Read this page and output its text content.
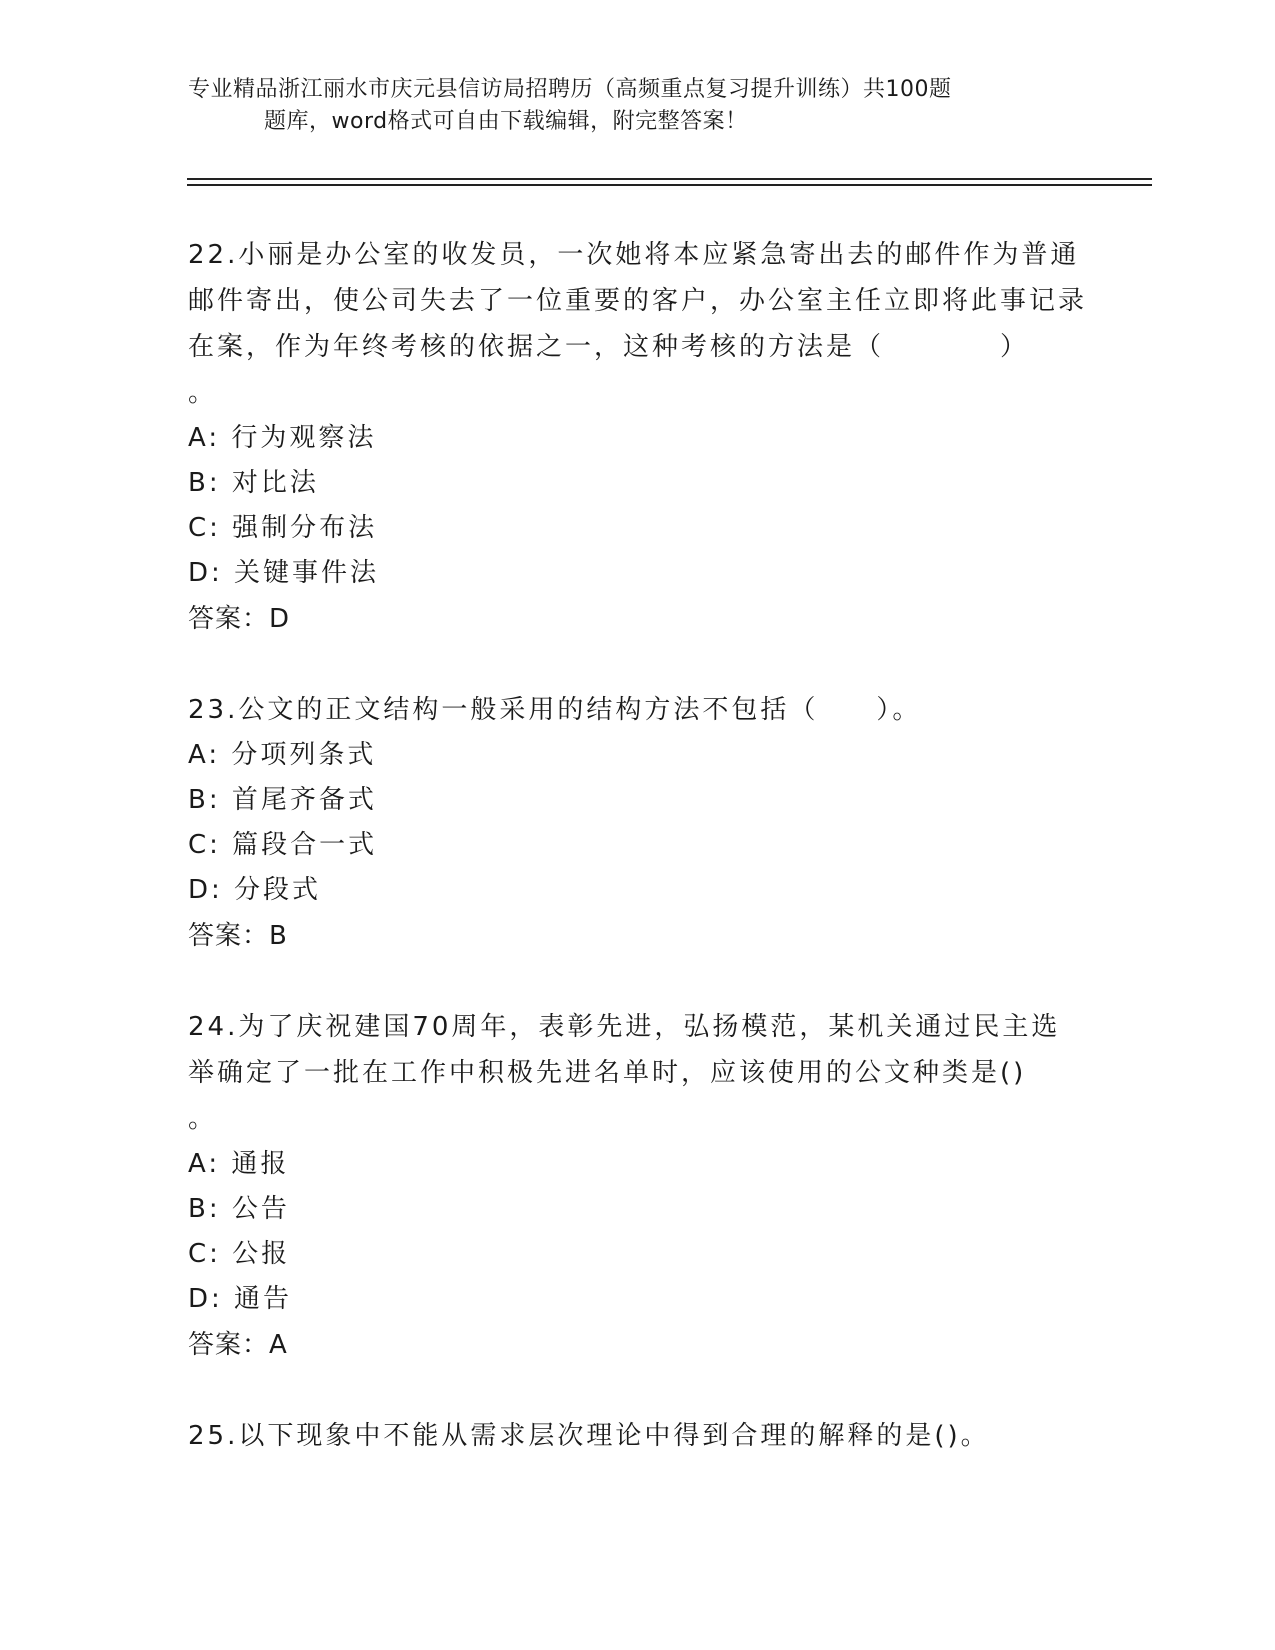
专业精品浙江丽水市庆元县信访局招聘历（高频重点复习提升训练）共100题
题库，word格式可自由下载编辑，附完整答案！

22.小丽是办公室的收发员，一次她将本应紧急寄出去的邮件作为普通邮件寄出，使公司失去了一位重要的客户，办公室主任立即将此事记录在案，作为年终考核的依据之一，这种考核的方法是（　　　　）

。
A: 行为观察法
B: 对比法
C: 强制分布法
D: 关键事件法
答案：D

23.公文的正文结构一般采用的结构方法不包括（　　）。

A: 分项列条式
B: 首尾齐备式
C: 篇段合一式
D: 分段式
答案：B

24.为了庆祝建国70周年，表彰先进，弘扬模范，某机关通过民主选举确定了一批在工作中积极先进名单时，应该使用的公文种类是()

。
A: 通报
B: 公告
C: 公报
D: 通告
答案：A

25.以下现象中不能从需求层次理论中得到合理的解释的是()。
